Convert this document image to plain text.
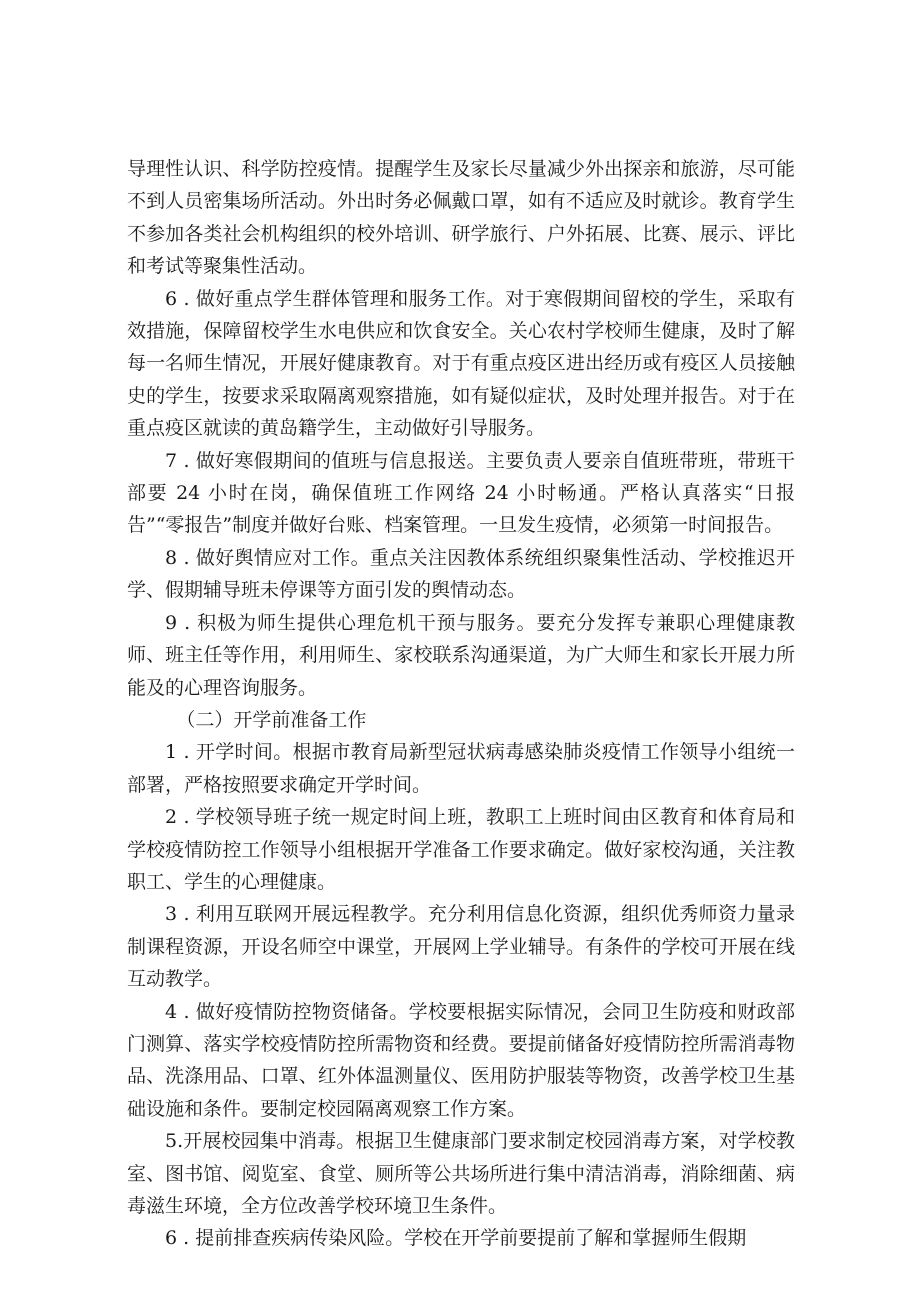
导理性认识、科学防控疫情。提醒学生及家长尽量减少外出探亲和旅游，尽可能不到人员密集场所活动。外出时务必佩戴口罩，如有不适应及时就诊。教育学生不参加各类社会机构组织的校外培训、研学旅行、户外拓展、比赛、展示、评比和考试等聚集性活动。

6 . 做好重点学生群体管理和服务工作。对于寒假期间留校的学生，采取有效措施，保障留校学生水电供应和饮食安全。关心农村学校师生健康，及时了解每一名师生情况，开展好健康教育。对于有重点疫区进出经历或有疫区人员接触史的学生，按要求采取隔离观察措施，如有疑似症状，及时处理并报告。对于在重点疫区就读的黄岛籍学生，主动做好引导服务。

7 . 做好寒假期间的值班与信息报送。主要负责人要亲自值班带班，带班干部要 24 小时在岗，确保值班工作网络 24 小时畅通。严格认真落实“日报告”“零报告”制度并做好台账、档案管理。一旦发生疫情，必须第一时间报告。

8 . 做好舆情应对工作。重点关注因教体系统组织聚集性活动、学校推迟开学、假期辅导班未停课等方面引发的舆情动态。

9 . 积极为师生提供心理危机干预与服务。要充分发挥专兼职心理健康教师、班主任等作用，利用师生、家校联系沟通渠道，为广大师生和家长开展力所能及的心理咨询服务。

（二）开学前准备工作

1 . 开学时间。根据市教育局新型冠状病毒感染肺炎疫情工作领导小组统一部署，严格按照要求确定开学时间。

2 . 学校领导班子统一规定时间上班，教职工上班时间由区教育和体育局和学校疫情防控工作领导小组根据开学准备工作要求确定。做好家校沟通，关注教职工、学生的心理健康。

3 . 利用互联网开展远程教学。充分利用信息化资源，组织优秀师资力量录制课程资源，开设名师空中课堂，开展网上学业辅导。有条件的学校可开展在线互动教学。

4 . 做好疫情防控物资储备。学校要根据实际情况，会同卫生防疫和财政部门测算、落实学校疫情防控所需物资和经费。要提前储备好疫情防控所需消毒物品、洗涤用品、口罩、红外体温测量仪、医用防护服装等物资，改善学校卫生基础设施和条件。要制定校园隔离观察工作方案。

5.开展校园集中消毒。根据卫生健康部门要求制定校园消毒方案，对学校教室、图书馆、阅览室、食堂、厕所等公共场所进行集中清洁消毒，消除细菌、病毒滋生环境，全方位改善学校环境卫生条件。

6 . 提前排查疾病传染风险。学校在开学前要提前了解和掌握师生假期
